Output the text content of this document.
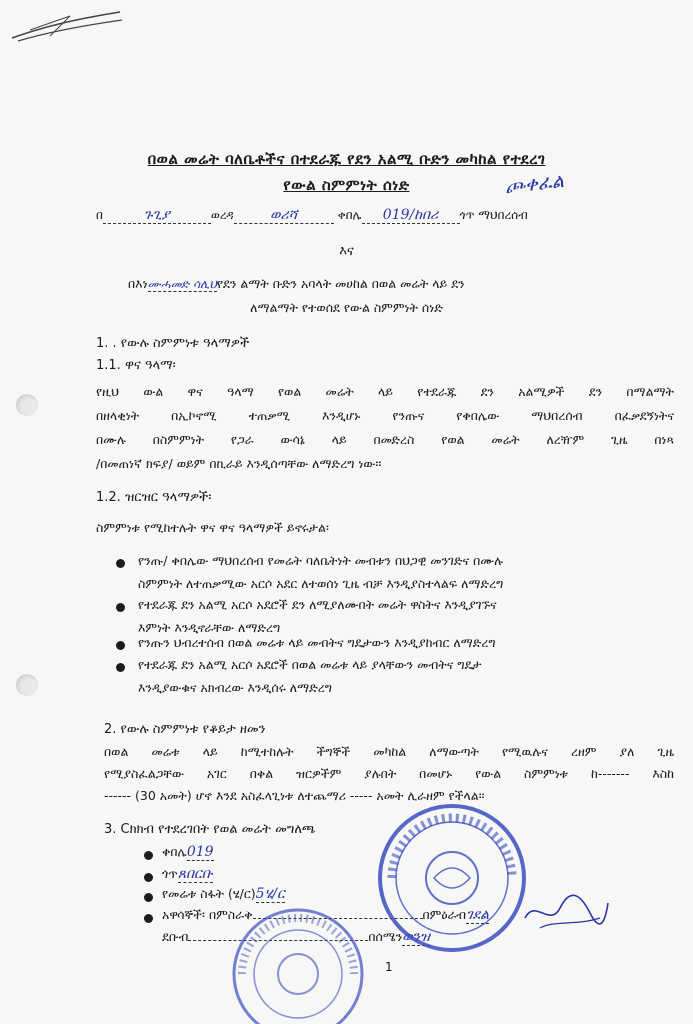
በወል መሬት ባለቤቶችና በተደራጁ የደን አልሚ ቡድን መካከል የተደረገ
የውል ስምምነት ሰነድ	ጮቀፈል
በ	ጉጊያ	ወረዳ	ወሪሻ	ቀበሌ 019/ከበሪ ጎጥ ማህበረሰብ
እና
በእነሙሓመድ ሳሊህየደን ልማት ቡድን አባላት መሀከል በወል መሬት ላይ ደን
ለማልማት የተወሰደ የውል ስምምነት ሰነድ
1. . የውሉ ስምምነቱ ዓላማዎች
1.1. ዋና ዓላማ፡
የዚህ ውል ዋና ዓላማ የወል መሬት ላይ የተደራጁ ደን አልሚዎች ደን በማልማት
በዘላቂነት በኢኮኖሚ ተጠቃሚ እንዲሆኑ የንጡና የቀበሌው ማህበረሰብ በፈቃደኝነትና
በሙሉ በስምምነት የጋራ ውሳኔ ላይ በመድረስ የወል መሬት ለረዥም ጊዜ በነጻ
/በመጠነኛ ክፍያ/ ወይም በኪራይ እንዲሰጣቸው ለማድረግ ነው፡፡
1.2. ዝርዝር ዓላማዎች፡
ስምምነቱ የሚከተሉት ዋና ዋና ዓላማዎች ይኖሩታል፡
የንጡ/ ቀበሌው ማህበረሰብ የመሬት ባለቤትነት መብቱን በህጋዊ መንገድና በሙሉ
ስምምነት ለተጠቃሚው አርሶ አደር ለተወሰነ ጊዜ ብቻ እንዲያስተላልፍ ለማድረግ
የተደራጁ ደን አልሚ አርሶ አደሮች ደን ለሚያለሙበት መሬት ዋስትና እንዲያገኙና
እምነት እንዲኖራቸው ለማድረግ
የንጡን ህብረተሰብ በወል መሬቱ ላይ መብትና ግዴታውን እንዲያከብር ለማድረግ
የተደራጁ ደን አልሚ አርሶ አደሮች በወል መሬቱ ላይ ያላቸውን መብትና ግዴታ
እንዲያውቁና አክብረው እንዲሰሩ ለማድረግ
2. የውሉ ስምምነቱ የቆይታ ዘመን
በወል መሬቱ ላይ ከሚተከሉት ችግኞች መካከል ለማውጣት የሚዉሉና ረዘም ያለ ጊዜ
የሚያስፈልጋቸው አገር በቀል ዝርዎችም ያሉበት በመሆኑ የውል ስምምነቱ ከ------- እስከ
------ (30 አመት) ሆኖ እንደ አስፈላጊነቱ ለተጨማሪ ----- አመት ሊራዘም የችላል፡፡
3. Cክክብ የተደረገበት የወል መሬት መግለጫ
ቀበሌ019
ጎጥጸበርቡ
የመሬቱ ስፋት (ሄ/ር)5ሄ/ር
አዋሳኞች፡ በምስራቅ	በምዕራብገደል
ደቡብ	በሰሜንወንዝ
1
